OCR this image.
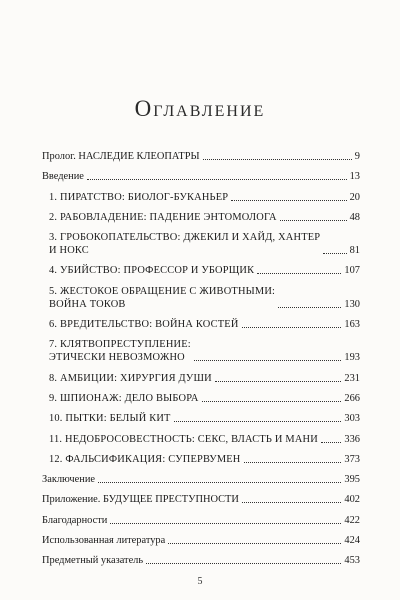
Оглавление
Пролог. НАСЛЕДИЕ КЛЕОПАТРЫ	9
Введение	13
1. ПИРАТСТВО: БИОЛОГ-БУКАНЬЕР	20
2. РАБОВЛАДЕНИЕ: ПАДЕНИЕ ЭНТОМОЛОГА	48
3. ГРОБОКОПАТЕЛЬСТВО: ДЖЕКИЛ И ХАЙД, ХАНТЕР
И НОКС	81
4. УБИЙСТВО: ПРОФЕССОР И УБОРЩИК	107
5. ЖЕСТОКОЕ ОБРАЩЕНИЕ С ЖИВОТНЫМИ:
ВОЙНА ТОКОВ	130
6. ВРЕДИТЕЛЬСТВО: ВОЙНА КОСТЕЙ	163
7. КЛЯТВОПРЕСТУПЛЕНИЕ:
ЭТИЧЕСКИ НЕВОЗМОЖНО	193
8. АМБИЦИИ: ХИРУРГИЯ ДУШИ	231
9. ШПИОНАЖ: ДЕЛО ВЫБОРА	266
10. ПЫТКИ: БЕЛЫЙ КИТ	303
11. НЕДОБРОСОВЕСТНОСТЬ: СЕКС, ВЛАСТЬ И МАНИ	336
12. ФАЛЬСИФИКАЦИЯ: СУПЕРВУМЕН	373
Заключение	395
Приложение. БУДУЩЕЕ ПРЕСТУПНОСТИ	402
Благодарности	422
Использованная литература	424
Предметный указатель	453
5
